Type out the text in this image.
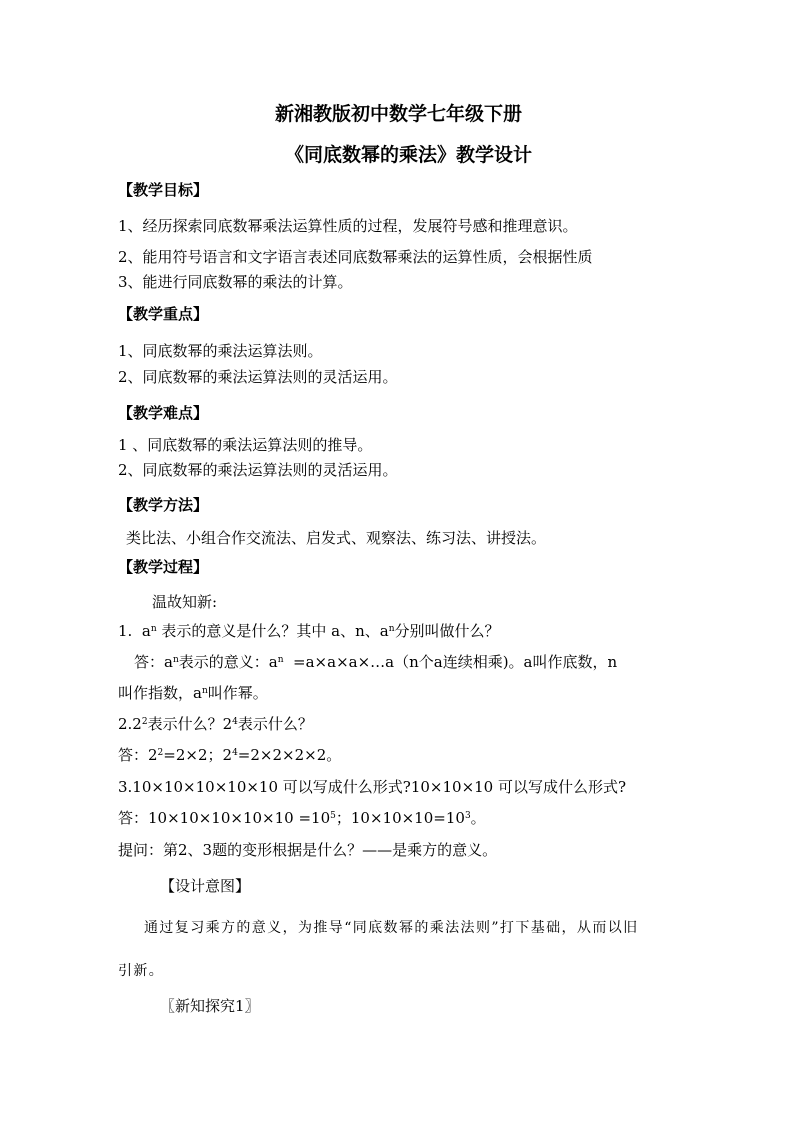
新湘教版初中数学七年级下册
《同底数幂的乘法》教学设计
【教学目标】
1、经历探索同底数幂乘法运算性质的过程，发展符号感和推理意识。
2、能用符号语言和文字语言表述同底数幂乘法的运算性质，会根据性质
3、能进行同底数幂的乘法的计算。
【教学重点】
1、同底数幂的乘法运算法则。
2、同底数幂的乘法运算法则的灵活运用。
【教学难点】
1 、同底数幂的乘法运算法则的推导。
2、同底数幂的乘法运算法则的灵活运用。
【教学方法】
类比法、小组合作交流法、启发式、观察法、练习法、讲授法。
【教学过程】
温故知新:
1. $a^n$ 表示的意义是什么？其中 a、n、$a^n$分别叫做什么？
答：$a^n$表示的意义：$a^n$  =a×a×a×…a（n个a连续相乘)。a叫作底数，n
叫作指数，$a^n$叫作幂。
$2.2^2$表示什么？$2^4$表示什么？
答：$2^2=2\times 2$；$2^4=2\times 2\times 2\times 2$。
3.10×10×10×10×10 可以写成什么形式?10×10×10 可以写成什么形式?
答：$10\times 10\times 10\times 10\times 10 =10^5$；$10\times 10\times 10=10^3$。
提问：第2、3题的变形根据是什么？——是乘方的意义。
【设计意图】
通过复习乘方的意义，为推导“同底数幂的乘法法则”打下基础，从而以旧
引新。
〖新知探究1〗
